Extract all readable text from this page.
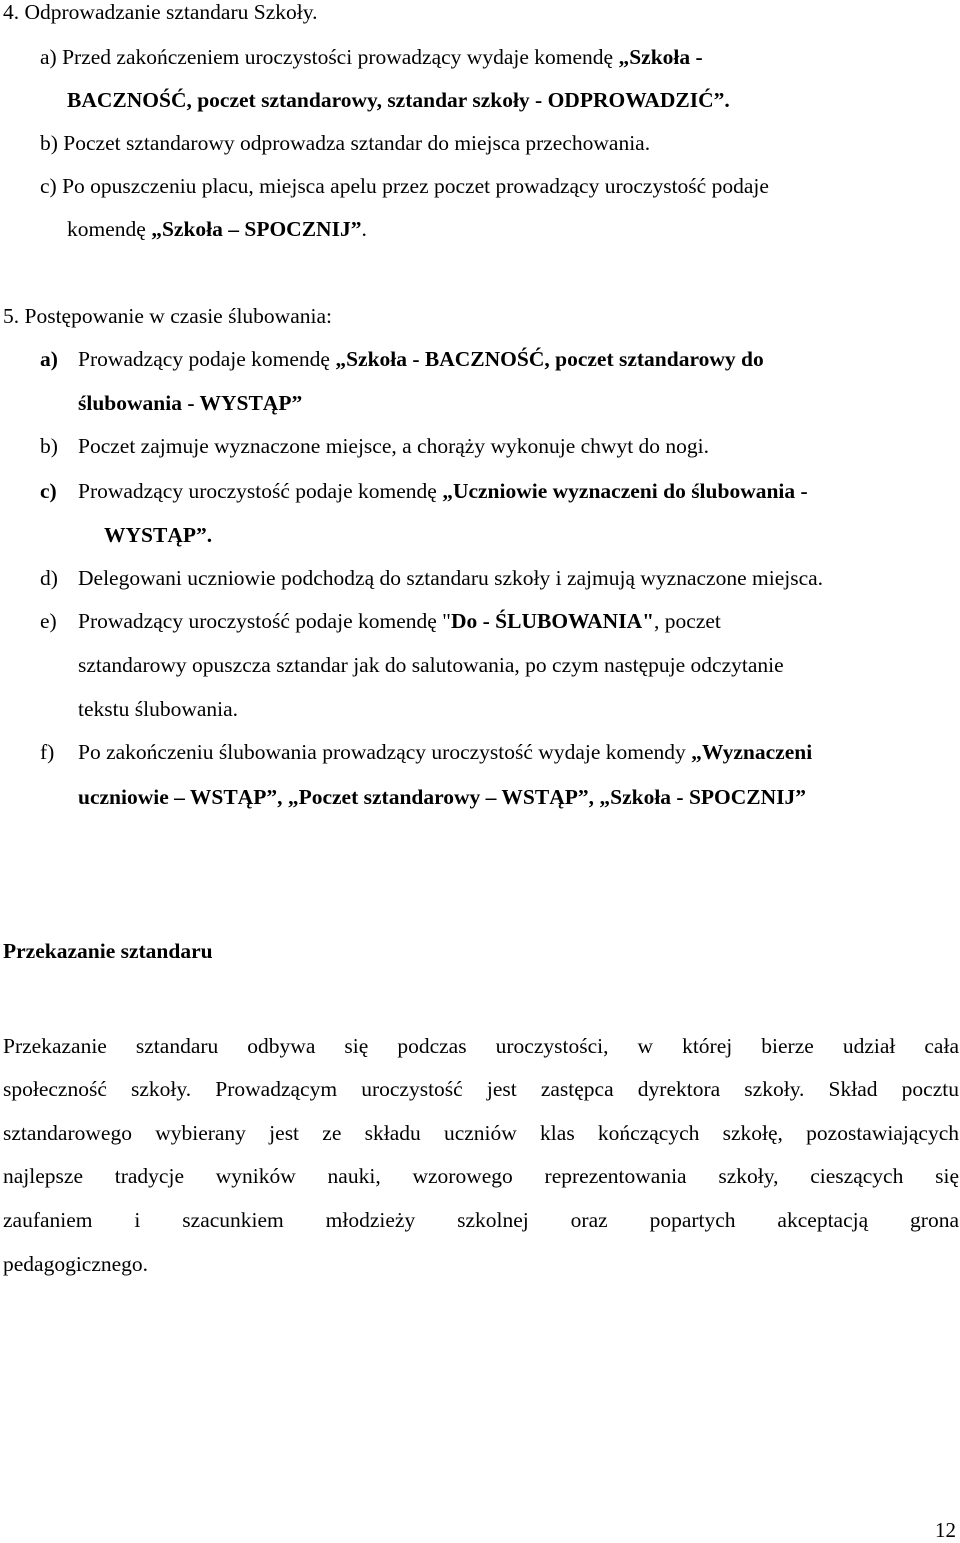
4. Odprowadzanie sztandaru Szkoły.
a) Przed zakończeniem uroczystości prowadzący wydaje komendę „Szkoła -
BACZNOŚĆ, poczet sztandarowy, sztandar szkoły - ODPROWADZIĆ”.
b) Poczet sztandarowy odprowadza sztandar do miejsca przechowania.
c) Po opuszczeniu placu, miejsca apelu przez poczet prowadzący uroczystość podaje
komendę „Szkoła – SPOCZNIJ”.
5. Postępowanie w czasie ślubowania:
a) Prowadzący podaje komendę „Szkoła - BACZNOŚĆ, poczet sztandarowy do
ślubowania - WYSTĄP”
b) Poczet zajmuje wyznaczone miejsce, a chorąży wykonuje chwyt do nogi.
c) Prowadzący uroczystość podaje komendę „Uczniowie wyznaczeni do ślubowania -
WYSTĄP”.
d) Delegowani uczniowie podchodzą do sztandaru szkoły i zajmują wyznaczone miejsca.
e) Prowadzący uroczystość podaje komendę "Do - ŚLUBOWANIA", poczet
sztandarowy opuszcza sztandar jak do salutowania, po czym następuje odczytanie
tekstu ślubowania.
f) Po zakończeniu ślubowania prowadzący uroczystość wydaje komendy „Wyznaczeni
uczniowie – WSTĄP”, „Poczet sztandarowy – WSTĄP”, „Szkoła - SPOCZNIJ”
Przekazanie sztandaru
Przekazanie sztandaru odbywa się podczas uroczystości, w której bierze udział cała
społeczność szkoły. Prowadzącym uroczystość jest zastępca dyrektora szkoły. Skład pocztu
sztandarowego wybierany jest ze składu uczniów klas kończących szkołę, pozostawiających
najlepsze tradycje wyników nauki, wzorowego reprezentowania szkoły, cieszących się
zaufaniem i szacunkiem młodzieży szkolnej oraz popartych akceptacją grona
pedagogicznego.
12
